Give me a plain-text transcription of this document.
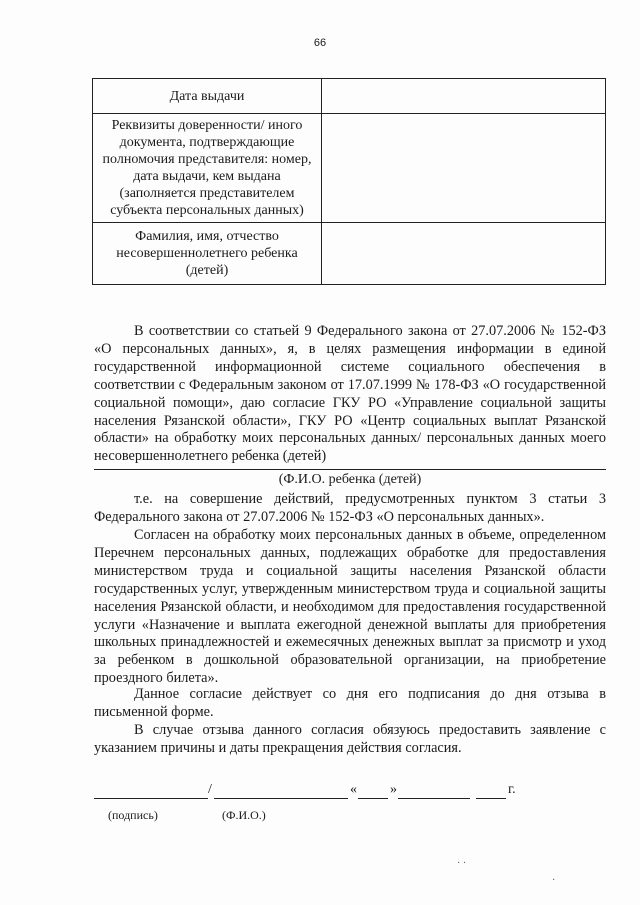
66
Дата выдачи	
Реквизиты доверенности/ иного документа, подтверждающие полномочия представителя: номер, дата выдачи, кем выдана (заполняется представителем субъекта персональных данных)	
Фамилия, имя, отчество несовершеннолетнего ребенка (детей)	

В соответствии со статьей 9 Федерального закона от 27.07.2006 № 152-ФЗ «О персональных данных», я, в целях размещения информации в единой государственной информационной системе социального обеспечения в соответствии с Федеральным законом от 17.07.1999 № 178-ФЗ «О государственной социальной помощи», даю согласие ГКУ РО «Управление социальной защиты населения Рязанской области», ГКУ РО «Центр социальных выплат Рязанской области» на обработку моих персональных данных/ персональных данных моего несовершеннолетнего ребенка (детей)

(Ф.И.О. ребенка (детей)

т.е. на совершение действий, предусмотренных пунктом 3 статьи 3 Федерального закона от 27.07.2006 № 152-ФЗ «О персональных данных».

Согласен на обработку моих персональных данных в объеме, определенном Перечнем персональных данных, подлежащих обработке для предоставления министерством труда и социальной защиты населения Рязанской области государственных услуг, утвержденным министерством труда и социальной защиты населения Рязанской области, и необходимом для предоставления государственной услуги «Назначение и выплата ежегодной денежной выплаты для приобретения школьных принадлежностей и ежемесячных денежных выплат за присмотр и уход за ребенком в дошкольной образовательной организации, на приобретение проездного билета».

Данное согласие действует со дня его подписания до дня отзыва в письменной форме.

В случае отзыва данного согласия обязуюсь предоставить заявление с указанием причины и даты прекращения действия согласия.

/	« »	г.
(подпись)	(Ф.И.О.)
· ·
·
